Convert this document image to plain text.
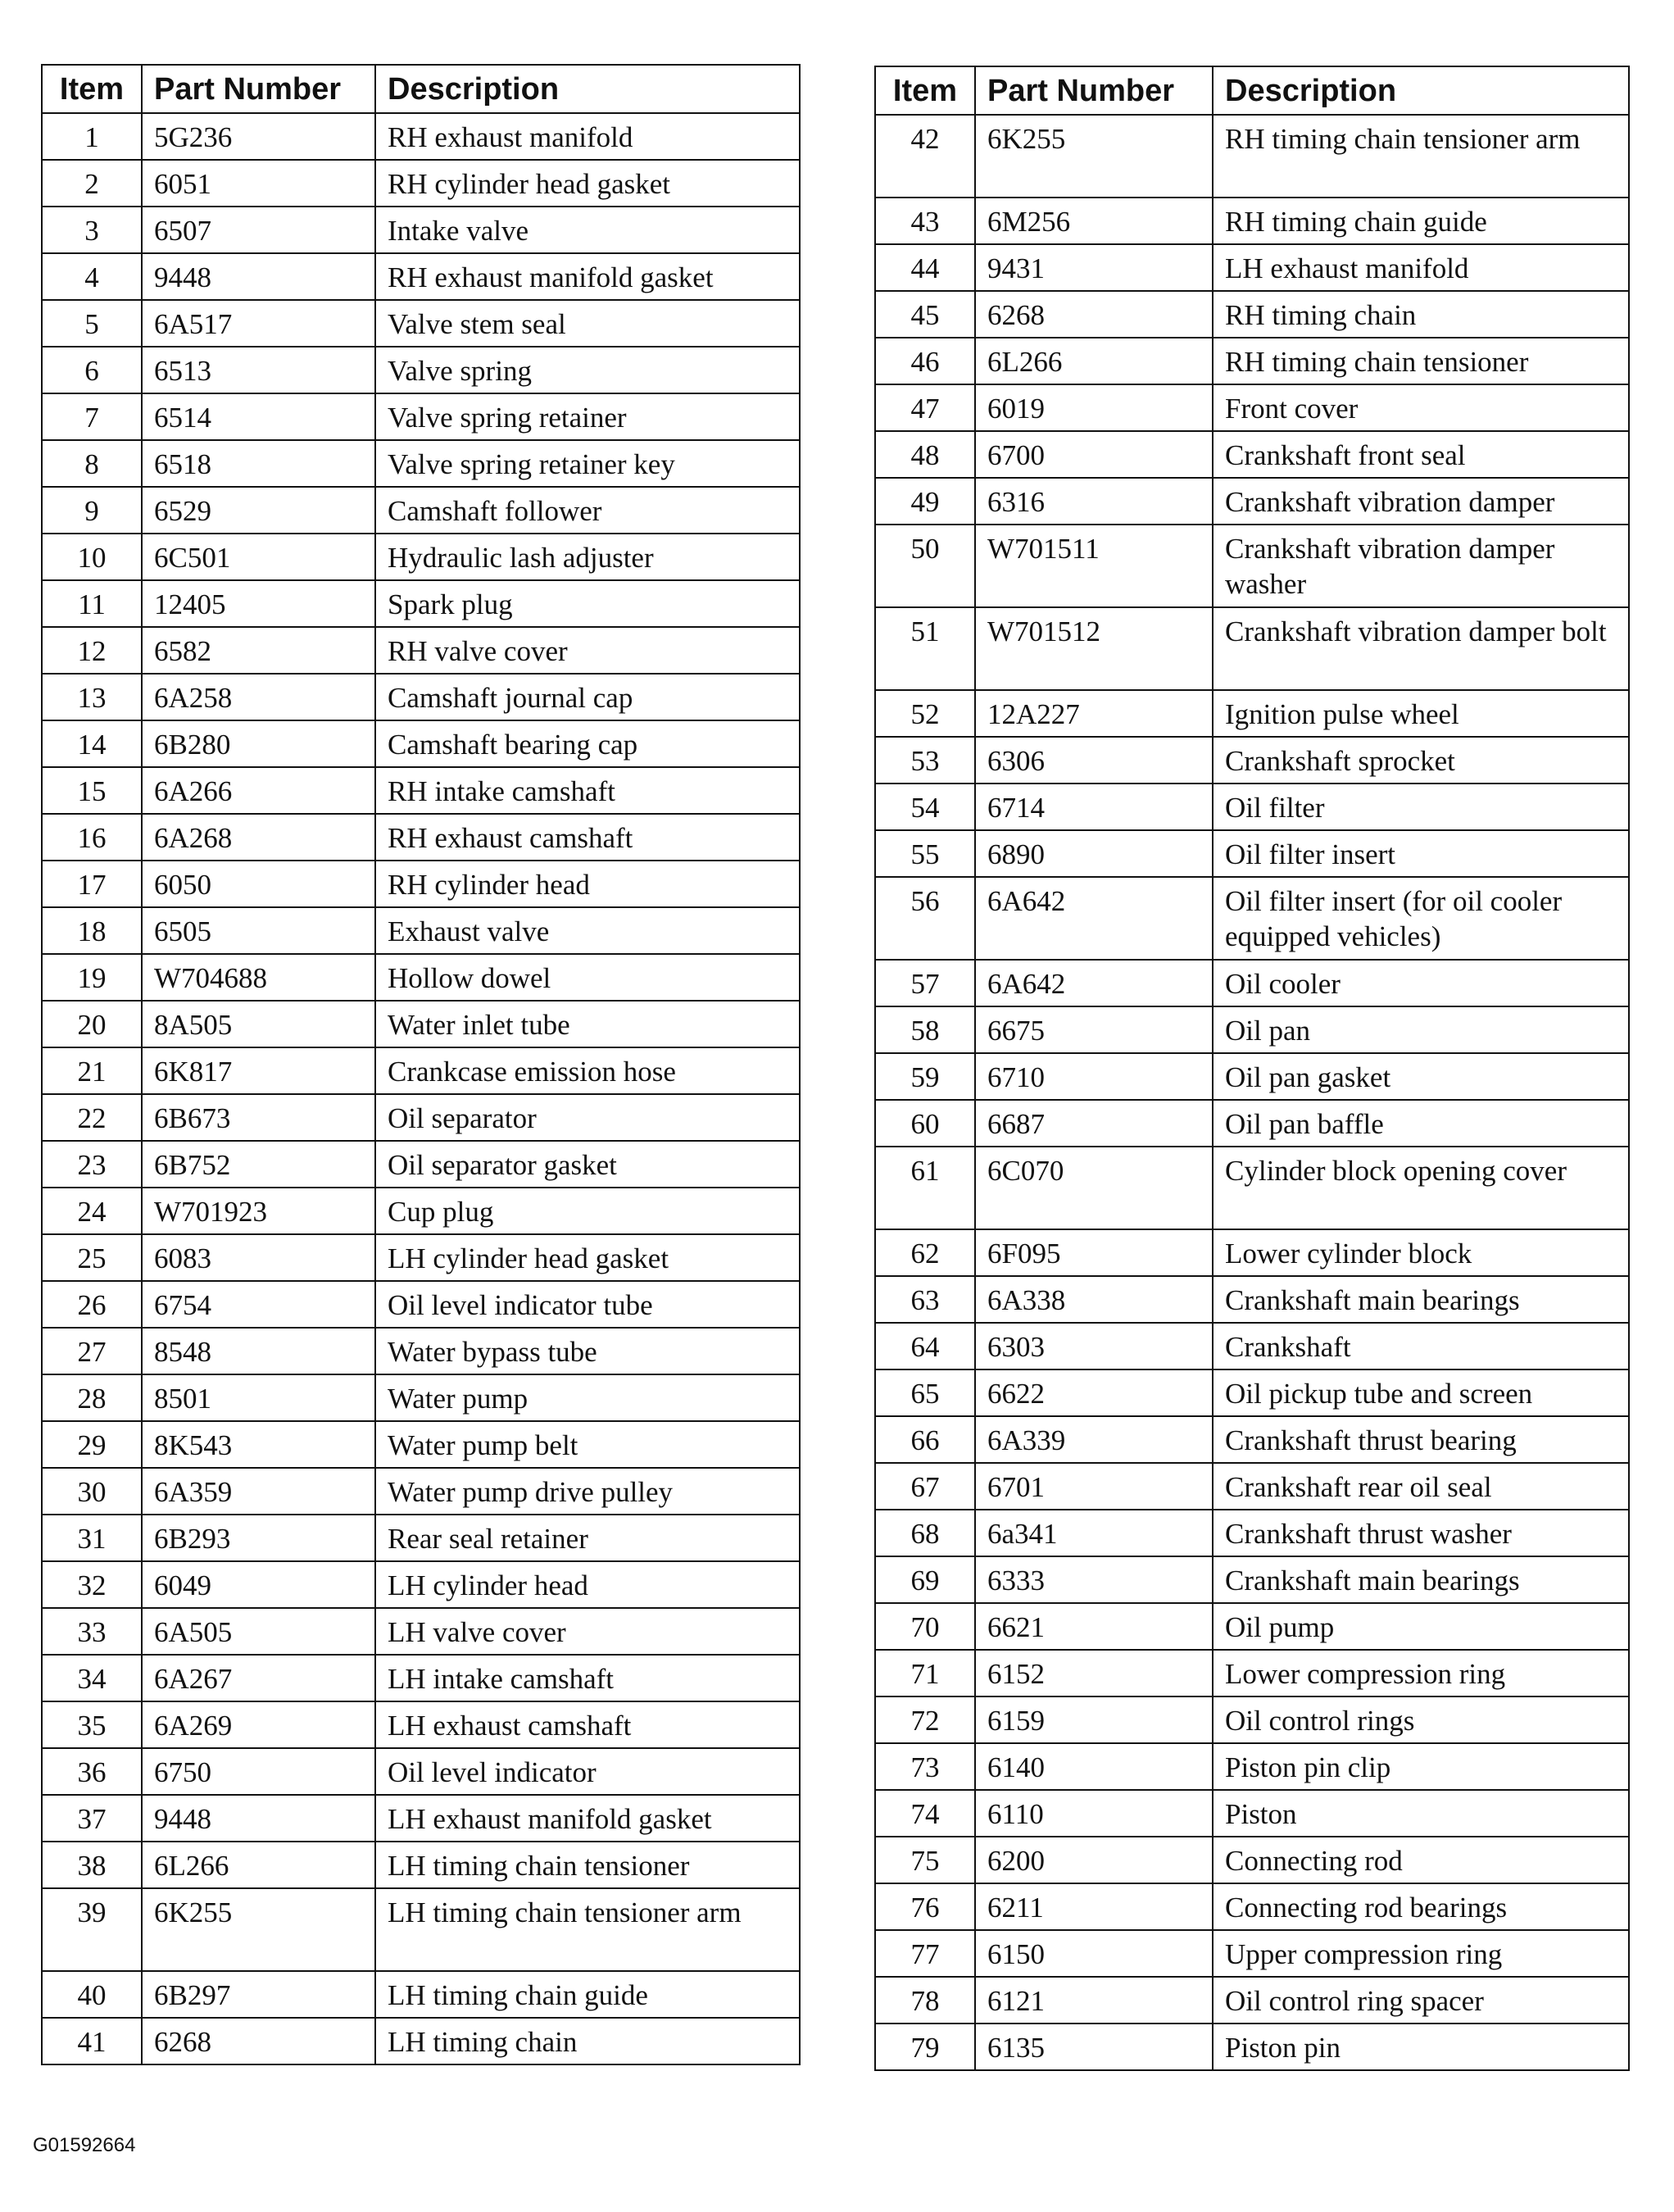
Item	Part Number	Description
1	5G236	RH exhaust manifold
2	6051	RH cylinder head gasket
3	6507	Intake valve
4	9448	RH exhaust manifold gasket
5	6A517	Valve stem seal
6	6513	Valve spring
7	6514	Valve spring retainer
8	6518	Valve spring retainer key
9	6529	Camshaft follower
10	6C501	Hydraulic lash adjuster
11	12405	Spark plug
12	6582	RH valve cover
13	6A258	Camshaft journal cap
14	6B280	Camshaft bearing cap
15	6A266	RH intake camshaft
16	6A268	RH exhaust camshaft
17	6050	RH cylinder head
18	6505	Exhaust valve
19	W704688	Hollow dowel
20	8A505	Water inlet tube
21	6K817	Crankcase emission hose
22	6B673	Oil separator
23	6B752	Oil separator gasket
24	W701923	Cup plug
25	6083	LH cylinder head gasket
26	6754	Oil level indicator tube
27	8548	Water bypass tube
28	8501	Water pump
29	8K543	Water pump belt
30	6A359	Water pump drive pulley
31	6B293	Rear seal retainer
32	6049	LH cylinder head
33	6A505	LH valve cover
34	6A267	LH intake camshaft
35	6A269	LH exhaust camshaft
36	6750	Oil level indicator
37	9448	LH exhaust manifold gasket
38	6L266	LH timing chain tensioner
39	6K255	LH timing chain tensioner arm
40	6B297	LH timing chain guide
41	6268	LH timing chain
Item	Part Number	Description
42	6K255	RH timing chain tensioner arm
43	6M256	RH timing chain guide
44	9431	LH exhaust manifold
45	6268	RH timing chain
46	6L266	RH timing chain tensioner
47	6019	Front cover
48	6700	Crankshaft front seal
49	6316	Crankshaft vibration damper
50	W701511	Crankshaft vibration damper washer
51	W701512	Crankshaft vibration damper bolt
52	12A227	Ignition pulse wheel
53	6306	Crankshaft sprocket
54	6714	Oil filter
55	6890	Oil filter insert
56	6A642	Oil filter insert (for oil cooler equipped vehicles)
57	6A642	Oil cooler
58	6675	Oil pan
59	6710	Oil pan gasket
60	6687	Oil pan baffle
61	6C070	Cylinder block opening cover
62	6F095	Lower cylinder block
63	6A338	Crankshaft main bearings
64	6303	Crankshaft
65	6622	Oil pickup tube and screen
66	6A339	Crankshaft thrust bearing
67	6701	Crankshaft rear oil seal
68	6a341	Crankshaft thrust washer
69	6333	Crankshaft main bearings
70	6621	Oil pump
71	6152	Lower compression ring
72	6159	Oil control rings
73	6140	Piston pin clip
74	6110	Piston
75	6200	Connecting rod
76	6211	Connecting rod bearings
77	6150	Upper compression ring
78	6121	Oil control ring spacer
79	6135	Piston pin
G01592664
